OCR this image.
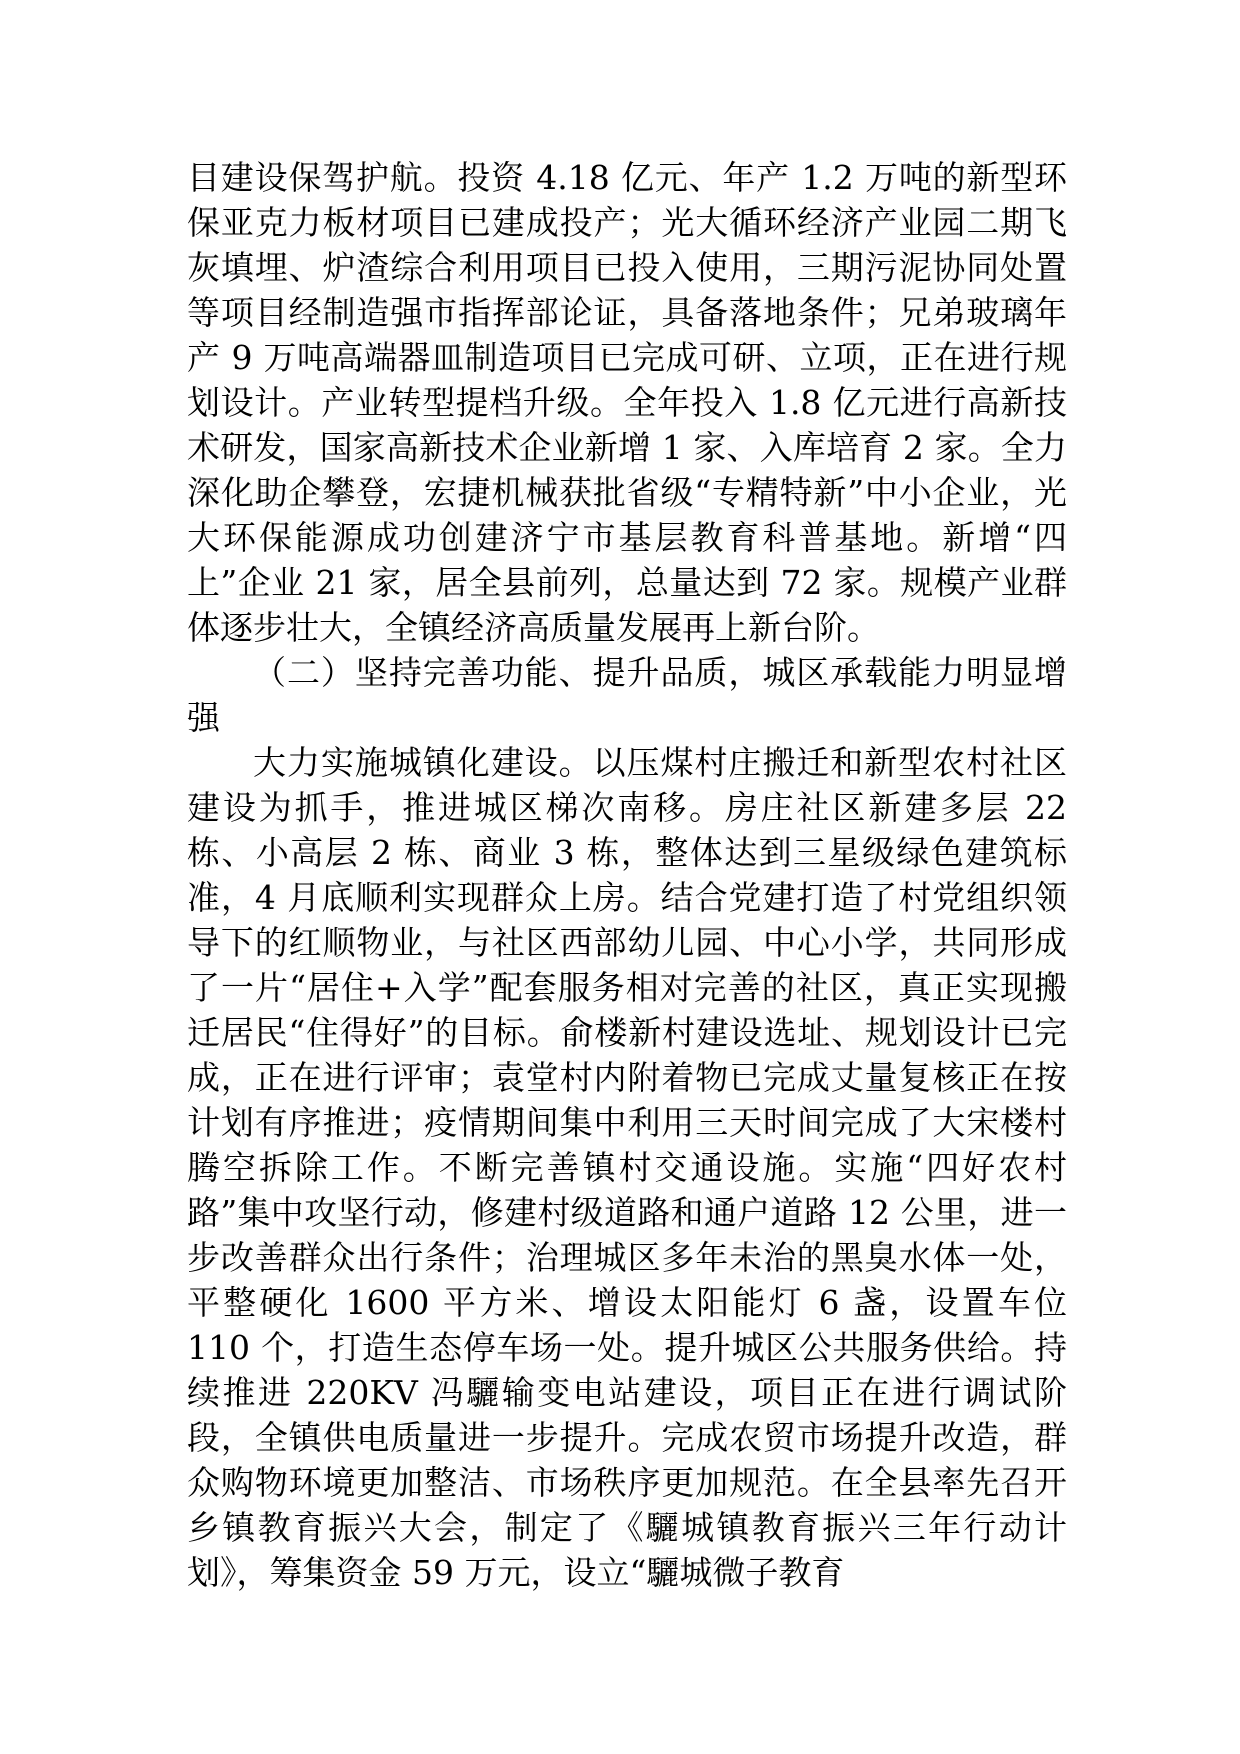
目建设保驾护航。投资 4.18 亿元、年产 1.2 万吨的新型环保亚克力板材项目已建成投产；光大循环经济产业园二期飞灰填埋、炉渣综合利用项目已投入使用，三期污泥协同处置等项目经制造强市指挥部论证，具备落地条件；兄弟玻璃年产 9 万吨高端器皿制造项目已完成可研、立项，正在进行规划设计。产业转型提档升级。全年投入 1.8 亿元进行高新技术研发，国家高新技术企业新增 1 家、入库培育 2 家。全力深化助企攀登，宏捷机械获批省级“专精特新”中小企业，光大环保能源成功创建济宁市基层教育科普基地。新增“四上”企业 21 家，居全县前列，总量达到 72 家。规模产业群体逐步壮大，全镇经济高质量发展再上新台阶。

（二）坚持完善功能、提升品质，城区承载能力明显增强

大力实施城镇化建设。以压煤村庄搬迁和新型农村社区建设为抓手，推进城区梯次南移。房庄社区新建多层 22 栋、小高层 2 栋、商业 3 栋，整体达到三星级绿色建筑标准，4 月底顺利实现群众上房。结合党建打造了村党组织领导下的红顺物业，与社区西部幼儿园、中心小学，共同形成了一片“居住+入学”配套服务相对完善的社区，真正实现搬迁居民“住得好”的目标。俞楼新村建设选址、规划设计已完成，正在进行评审；袁堂村内附着物已完成丈量复核正在按计划有序推进；疫情期间集中利用三天时间完成了大宋楼村腾空拆除工作。不断完善镇村交通设施。实施“四好农村路”集中攻坚行动，修建村级道路和通户道路 12 公里，进一步改善群众出行条件；治理城区多年未治的黑臭水体一处，平整硬化 1600 平方米、增设太阳能灯 6 盏，设置车位 110 个，打造生态停车场一处。提升城区公共服务供给。持续推进 220KV 冯驪输变电站建设，项目正在进行调试阶段，全镇供电质量进一步提升。完成农贸市场提升改造，群众购物环境更加整洁、市场秩序更加规范。在全县率先召开乡镇教育振兴大会，制定了《驪城镇教育振兴三年行动计划》，筹集资金 59 万元，设立“驪城微子教育
